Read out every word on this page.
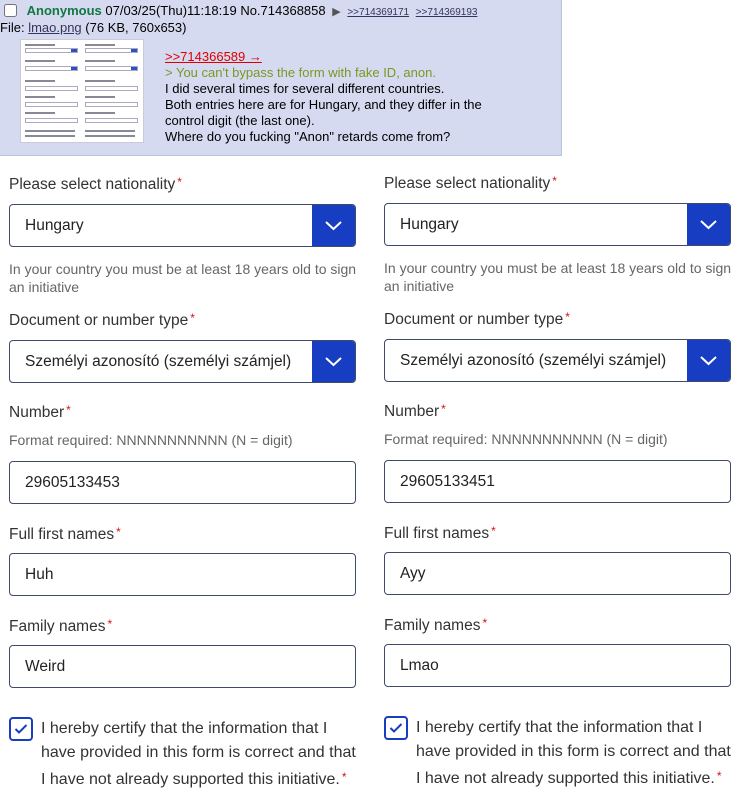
Anonymous 07/03/25(Thu)11:18:19 No.714368858 ▶ >>714369171 >>714369193
File: lmao.png (76 KB, 760x653)
>>714366589 →
> You can't bypass the form with fake ID, anon.
I did several times for several different countries.
Both entries here are for Hungary, and they differ in the
control digit (the last one).
Where do you fucking "Anon" retards come from?
Please select nationality *
Hungary
In your country you must be at least 18 years old to sign an initiative
Document or number type *
Személyi azonosító (személyi számjel)
Number *
Format required: NNNNNNNNNNN (N = digit)
29605133453
Full first names *
Huh
Family names *
Weird
I hereby certify that the information that I have provided in this form is correct and that I have not already supported this initiative. *
Please select nationality *
Hungary
In your country you must be at least 18 years old to sign an initiative
Document or number type *
Személyi azonosító (személyi számjel)
Number *
Format required: NNNNNNNNNNN (N = digit)
29605133451
Full first names *
Ayy
Family names *
Lmao
I hereby certify that the information that I have provided in this form is correct and that I have not already supported this initiative. *
